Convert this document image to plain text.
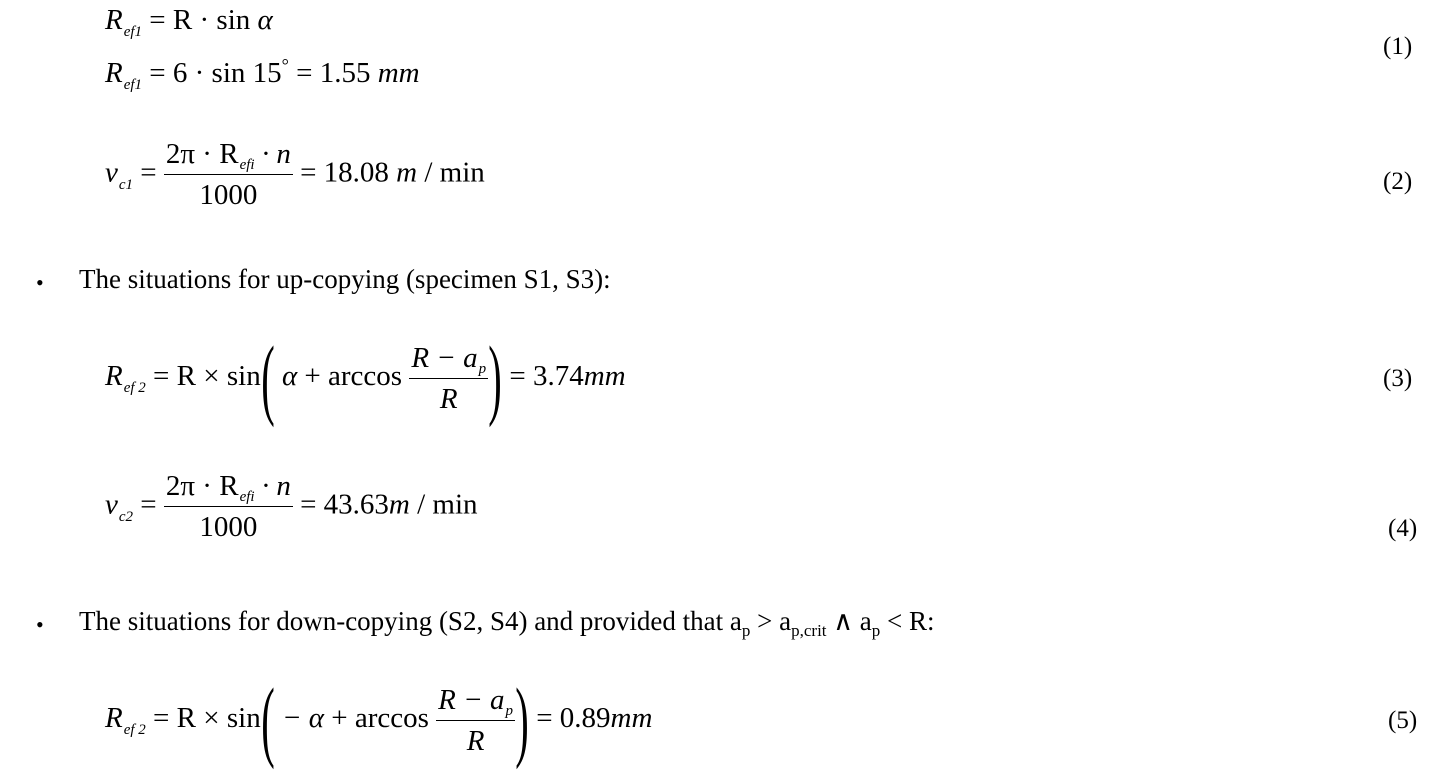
$R_{ef1} = R \cdot \sin \alpha$
$R_{ef1} = 6 \cdot \sin 15^\circ = 1.55$ mm
(1)
$v_{c1} = \frac{2\pi \cdot R_{efi} \cdot n}{1000} = 18.08$ m / min	(2)
• The situations for up-copying (specimen S1, S3):
$R_{ef 2} = R \times \sin$( $\alpha + \arccos \frac{R - a_p}{R}$ ) = 3.74mm	(3)
$v_{c2} = \frac{2\pi \cdot R_{efi} \cdot n}{1000} = 43.63m / \min$
(4)
• The situations for down-copying (S2, S4) and provided that $a_p > a_{p,crit}$ ∧ $a_p < R$:
$R_{ef 2} = R \times \sin( - \alpha + \arccos \frac{R - a_p}{R}$ ) = 0.89mm	(5)
